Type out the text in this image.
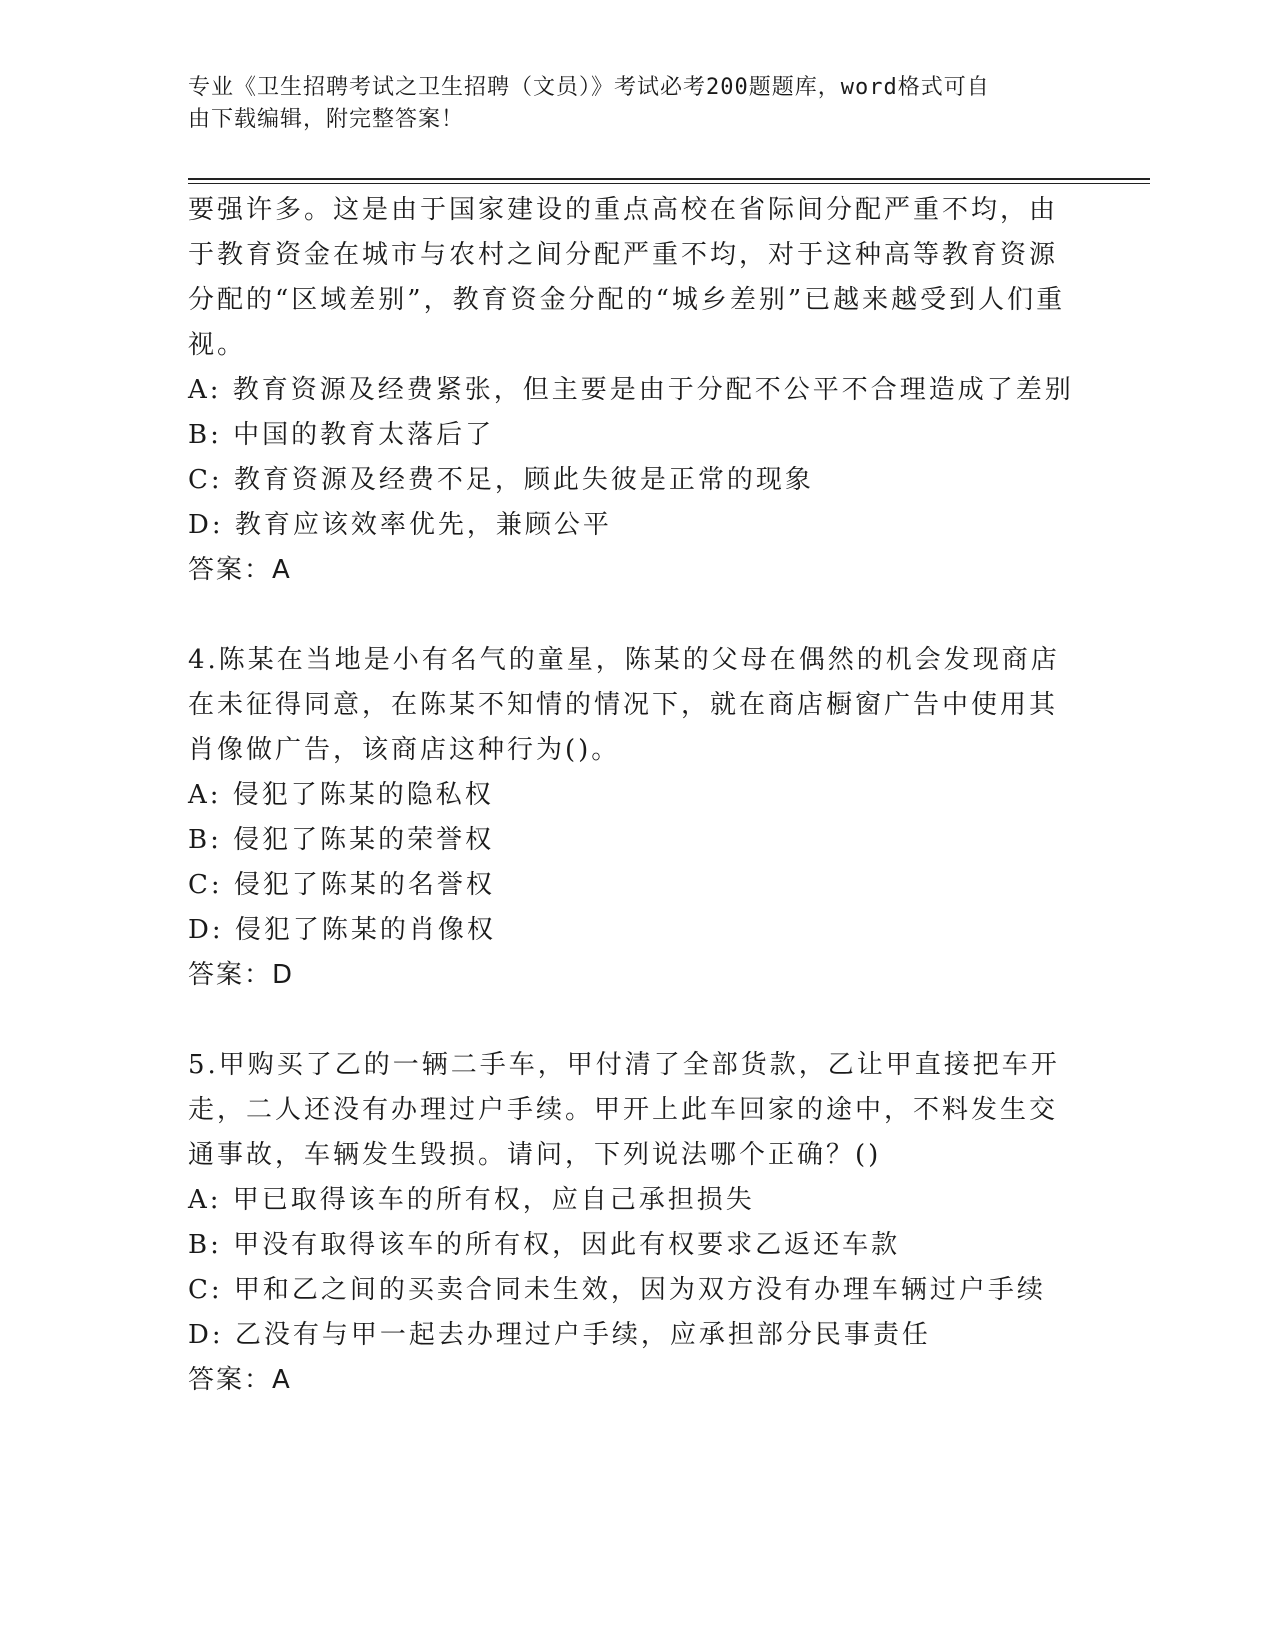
专业《卫生招聘考试之卫生招聘（文员）》考试必考200题题库，word格式可自
由下载编辑，附完整答案！

要强许多。这是由于国家建设的重点高校在省际间分配严重不均，由于教育资金在城市与农村之间分配严重不均，对于这种高等教育资源分配的“区域差别”，教育资金分配的“城乡差别”已越来越受到人们重视。

A: 教育资源及经费紧张，但主要是由于分配不公平不合理造成了差别

B: 中国的教育太落后了

C: 教育资源及经费不足，顾此失彼是正常的现象

D: 教育应该效率优先，兼顾公平

答案：A

4.陈某在当地是小有名气的童星，陈某的父母在偶然的机会发现商店在未征得同意，在陈某不知情的情况下，就在商店橱窗广告中使用其肖像做广告，该商店这种行为()。

A: 侵犯了陈某的隐私权

B: 侵犯了陈某的荣誉权

C: 侵犯了陈某的名誉权

D: 侵犯了陈某的肖像权

答案：D

5.甲购买了乙的一辆二手车，甲付清了全部货款，乙让甲直接把车开走，二人还没有办理过户手续。甲开上此车回家的途中，不料发生交通事故，车辆发生毁损。请问，下列说法哪个正确？()

A: 甲已取得该车的所有权，应自己承担损失

B: 甲没有取得该车的所有权，因此有权要求乙返还车款

C: 甲和乙之间的买卖合同未生效，因为双方没有办理车辆过户手续

D: 乙没有与甲一起去办理过户手续，应承担部分民事责任

答案：A
